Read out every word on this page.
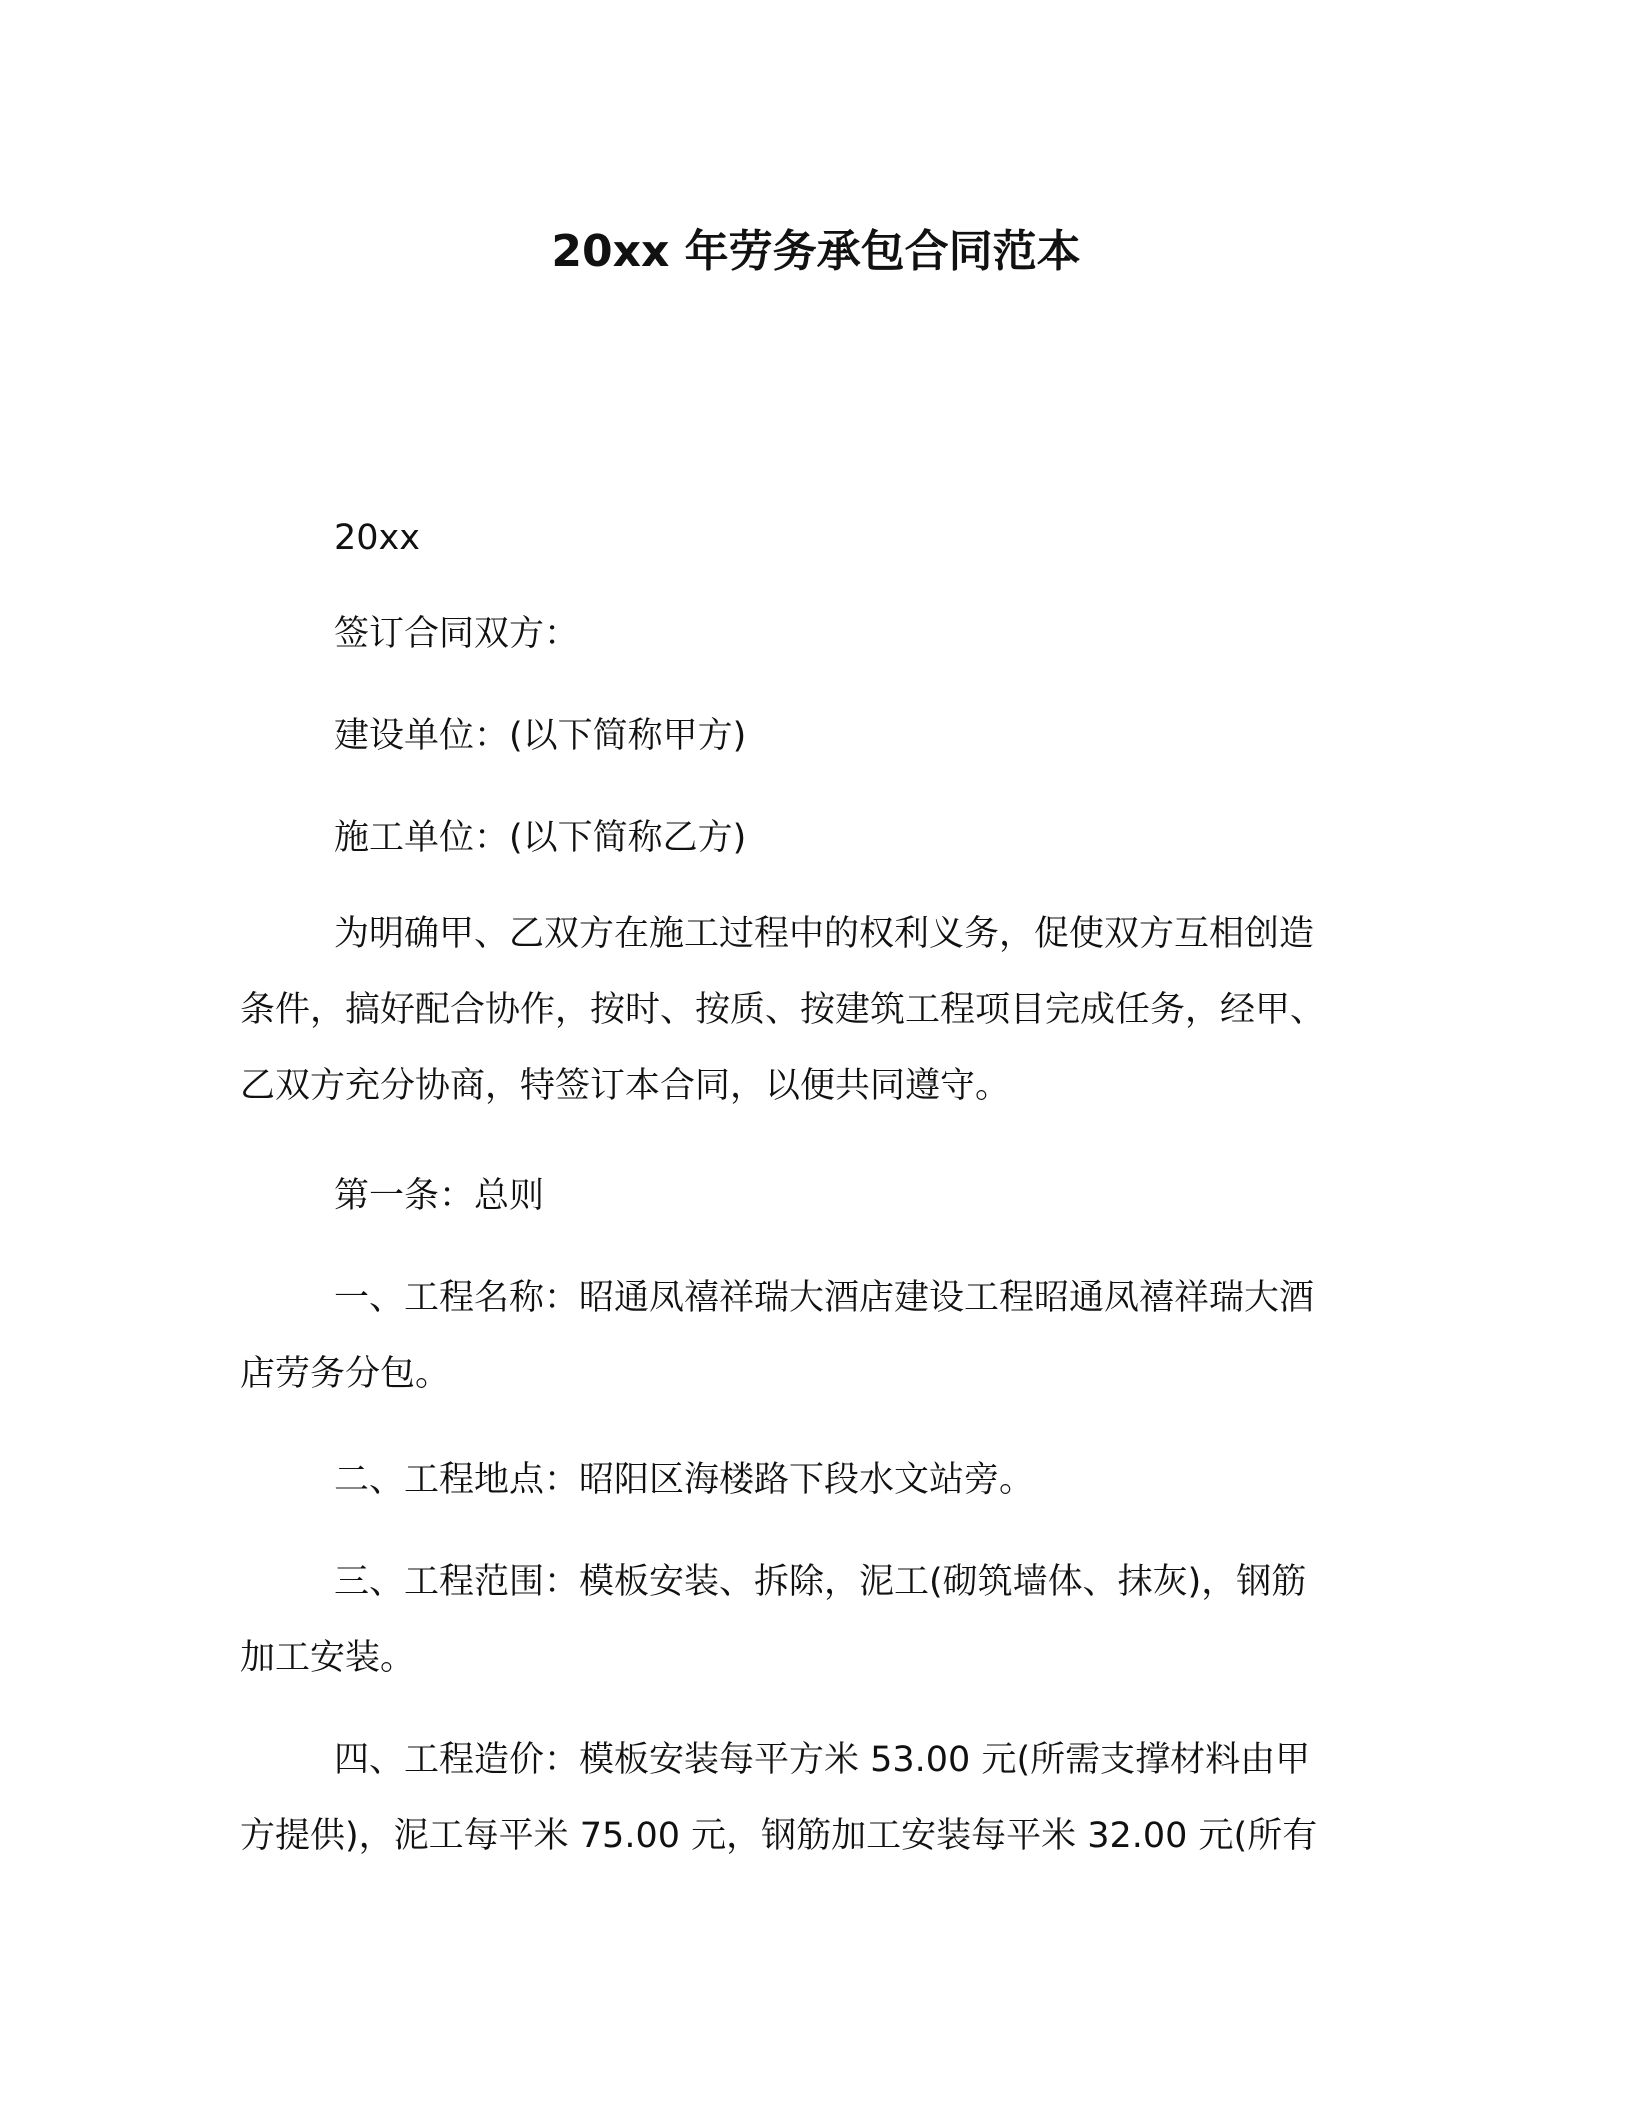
20xx 年劳务承包合同范本
20xx
签订合同双方：
建设单位：(以下简称甲方)
施工单位：(以下简称乙方)
为明确甲、乙双方在施工过程中的权利义务，促使双方互相创造
条件，搞好配合协作，按时、按质、按建筑工程项目完成任务，经甲、
乙双方充分协商，特签订本合同，以便共同遵守。
第一条：总则
一、工程名称：昭通凤禧祥瑞大酒店建设工程昭通凤禧祥瑞大酒
店劳务分包。
二、工程地点：昭阳区海楼路下段水文站旁。
三、工程范围：模板安装、拆除，泥工(砌筑墙体、抹灰)，钢筋
加工安装。
四、工程造价：模板安装每平方米 53.00 元(所需支撑材料由甲
方提供)，泥工每平米 75.00 元，钢筋加工安装每平米 32.00 元(所有
